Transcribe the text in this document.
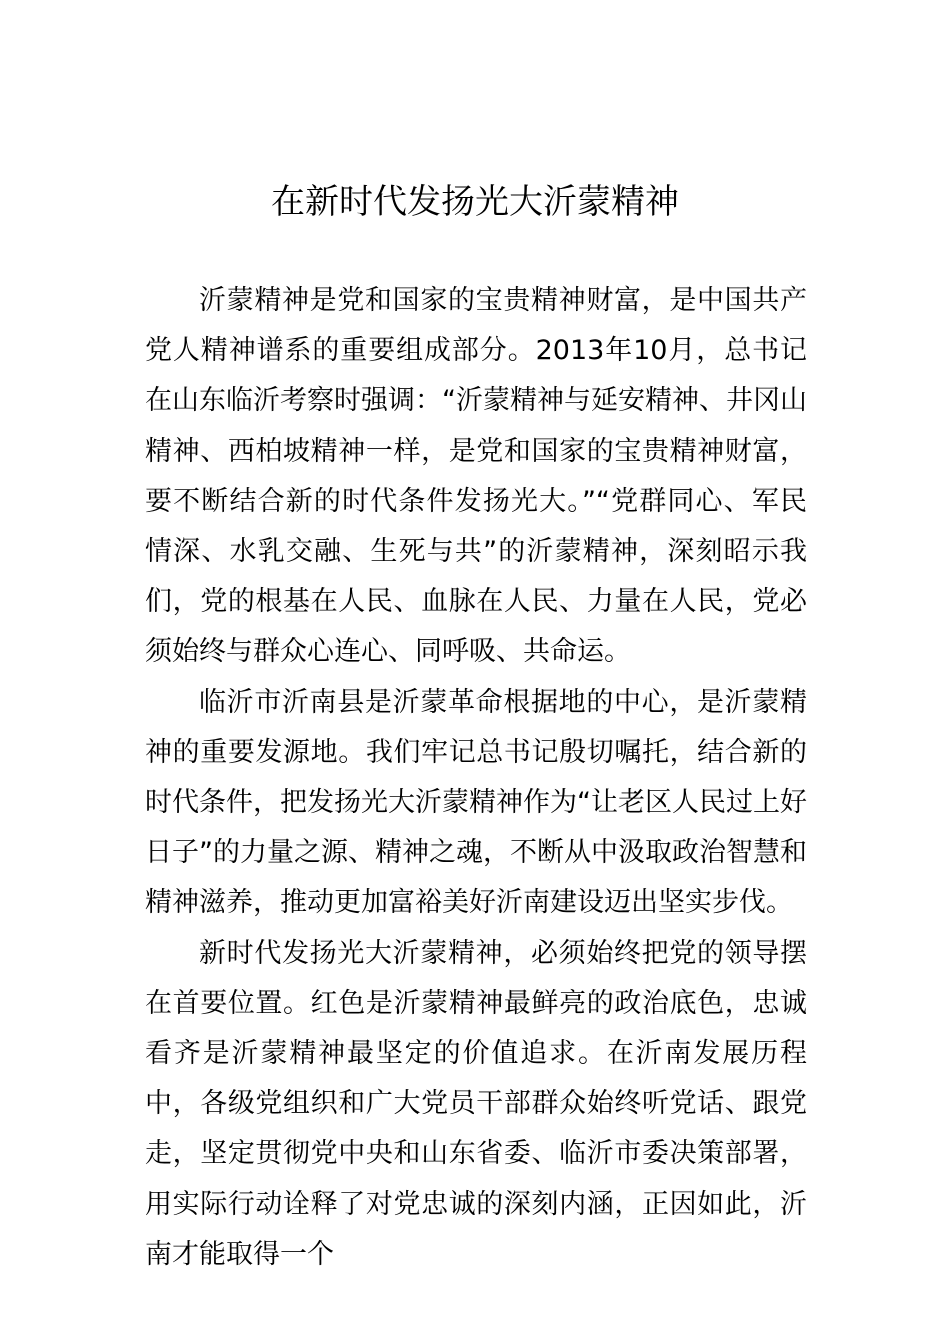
在新时代发扬光大沂蒙精神

沂蒙精神是党和国家的宝贵精神财富，是中国共产党人精神谱系的重要组成部分。2013年10月，总书记在山东临沂考察时强调：“沂蒙精神与延安精神、井冈山精神、西柏坡精神一样，是党和国家的宝贵精神财富，要不断结合新的时代条件发扬光大。”“党群同心、军民情深、水乳交融、生死与共”的沂蒙精神，深刻昭示我们，党的根基在人民、血脉在人民、力量在人民，党必须始终与群众心连心、同呼吸、共命运。

临沂市沂南县是沂蒙革命根据地的中心，是沂蒙精神的重要发源地。我们牢记总书记殷切嘱托，结合新的时代条件，把发扬光大沂蒙精神作为“让老区人民过上好日子”的力量之源、精神之魂，不断从中汲取政治智慧和精神滋养，推动更加富裕美好沂南建设迈出坚实步伐。

新时代发扬光大沂蒙精神，必须始终把党的领导摆在首要位置。红色是沂蒙精神最鲜亮的政治底色，忠诚看齐是沂蒙精神最坚定的价值追求。在沂南发展历程中，各级党组织和广大党员干部群众始终听党话、跟党走，坚定贯彻党中央和山东省委、临沂市委决策部署，用实际行动诠释了对党忠诚的深刻内涵，正因如此，沂南才能取得一个
